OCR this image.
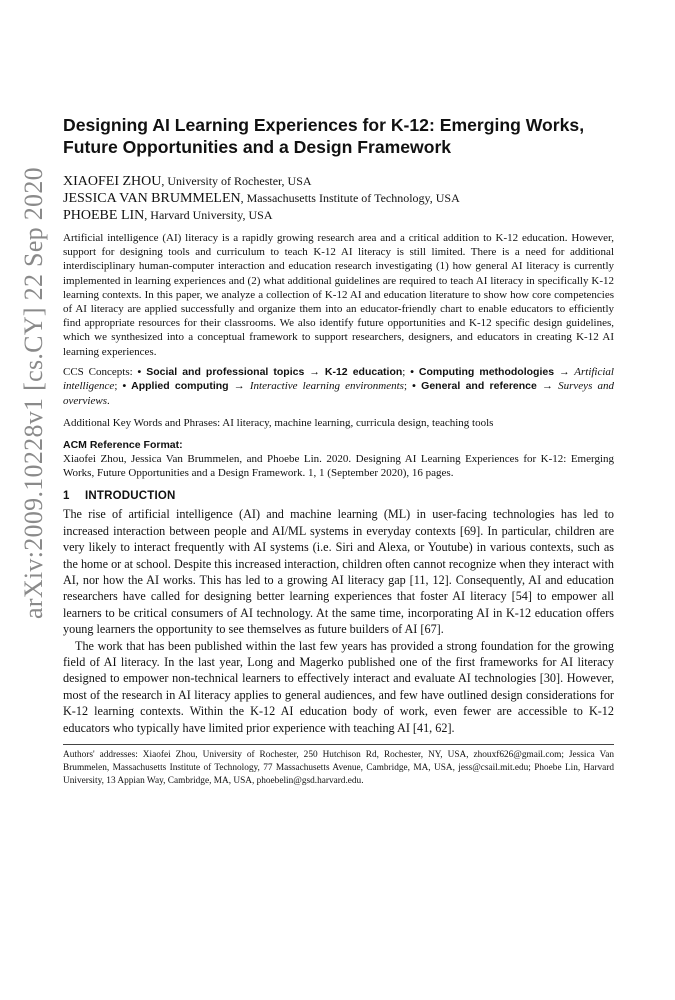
arXiv:2009.10228v1 [cs.CY] 22 Sep 2020
Designing AI Learning Experiences for K-12: Emerging Works, Future Opportunities and a Design Framework
XIAOFEI ZHOU, University of Rochester, USA
JESSICA VAN BRUMMELEN, Massachusetts Institute of Technology, USA
PHOEBE LIN, Harvard University, USA

Artificial intelligence (AI) literacy is a rapidly growing research area and a critical addition to K-12 education. However, support for designing tools and curriculum to teach K-12 AI literacy is still limited. There is a need for additional interdisciplinary human-computer interaction and education research investigating (1) how general AI literacy is currently implemented in learning experiences and (2) what additional guidelines are required to teach AI literacy in specifically K-12 learning contexts. In this paper, we analyze a collection of K-12 AI and education literature to show how core competencies of AI literacy are applied successfully and organize them into an educator-friendly chart to enable educators to efficiently find appropriate resources for their classrooms. We also identify future opportunities and K-12 specific design guidelines, which we synthesized into a conceptual framework to support researchers, designers, and educators in creating K-12 AI learning experiences.

CCS Concepts: • Social and professional topics → K-12 education; • Computing methodologies → Artificial intelligence; • Applied computing → Interactive learning environments; • General and reference → Surveys and overviews.

Additional Key Words and Phrases: AI literacy, machine learning, curricula design, teaching tools

ACM Reference Format:

Xiaofei Zhou, Jessica Van Brummelen, and Phoebe Lin. 2020. Designing AI Learning Experiences for K-12: Emerging Works, Future Opportunities and a Design Framework. 1, 1 (September 2020), 16 pages.

1 INTRODUCTION

The rise of artificial intelligence (AI) and machine learning (ML) in user-facing technologies has led to increased interaction between people and AI/ML systems in everyday contexts [69]. In particular, children are very likely to interact frequently with AI systems (i.e. Siri and Alexa, or Youtube) in various contexts, such as the home or at school. Despite this increased interaction, children often cannot recognize when they interact with AI, nor how the AI works. This has led to a growing AI literacy gap [11, 12]. Consequently, AI and education researchers have called for designing better learning experiences that foster AI literacy [54] to empower all learners to be critical consumers of AI technology. At the same time, incorporating AI in K-12 education offers young learners the opportunity to see themselves as future builders of AI [67].

The work that has been published within the last few years has provided a strong foundation for the growing field of AI literacy. In the last year, Long and Magerko published one of the first frameworks for AI literacy designed to empower non-technical learners to effectively interact and evaluate AI technologies [30]. However, most of the research in AI literacy applies to general audiences, and few have outlined design considerations for K-12 learning contexts. Within the K-12 AI education body of work, even fewer are accessible to K-12 educators who typically have limited prior experience with teaching AI [41, 62].

Authors' addresses: Xiaofei Zhou, University of Rochester, 250 Hutchison Rd, Rochester, NY, USA, zhouxf626@gmail.com; Jessica Van Brummelen, Massachusetts Institute of Technology, 77 Massachusetts Avenue, Cambridge, MA, USA, jess@csail.mit.edu; Phoebe Lin, Harvard University, 13 Appian Way, Cambridge, MA, USA, phoebelin@gsd.harvard.edu.
